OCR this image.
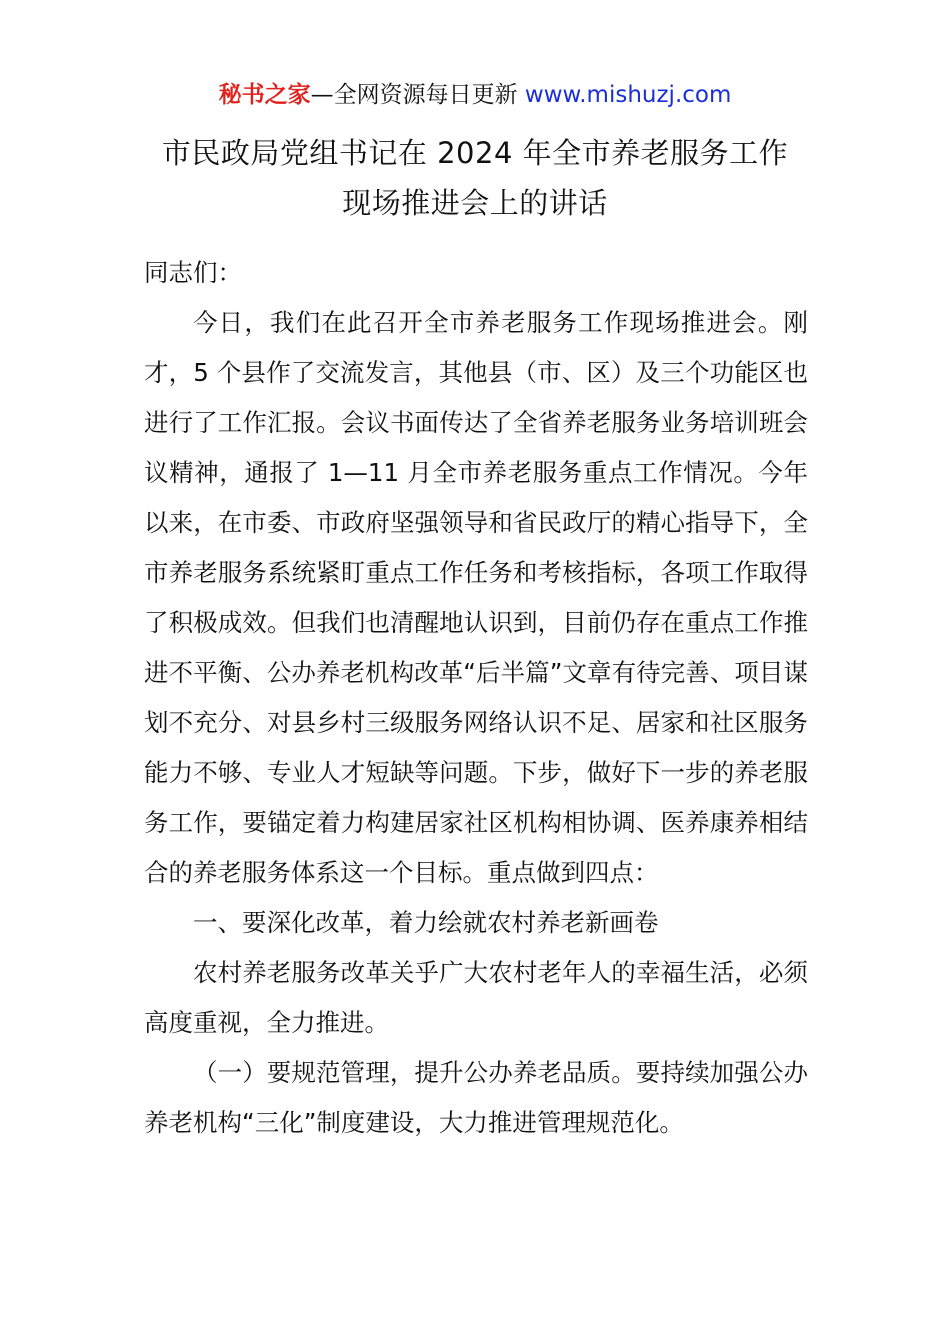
秘书之家—全网资源每日更新 www.mishuzj.com
市民政局党组书记在 2024 年全市养老服务工作
现场推进会上的讲话

同志们：

今日，我们在此召开全市养老服务工作现场推进会。刚才，5 个县作了交流发言，其他县（市、区）及三个功能区也进行了工作汇报。会议书面传达了全省养老服务业务培训班会议精神，通报了 1—11 月全市养老服务重点工作情况。今年以来，在市委、市政府坚强领导和省民政厅的精心指导下，全市养老服务系统紧盯重点工作任务和考核指标，各项工作取得了积极成效。但我们也清醒地认识到，目前仍存在重点工作推进不平衡、公办养老机构改革“后半篇”文章有待完善、项目谋划不充分、对县乡村三级服务网络认识不足、居家和社区服务能力不够、专业人才短缺等问题。下步，做好下一步的养老服务工作，要锚定着力构建居家社区机构相协调、医养康养相结合的养老服务体系这一个目标。重点做到四点：

一、要深化改革，着力绘就农村养老新画卷

农村养老服务改革关乎广大农村老年人的幸福生活，必须高度重视，全力推进。

（一）要规范管理，提升公办养老品质。要持续加强公办养老机构“三化”制度建设，大力推进管理规范化。
